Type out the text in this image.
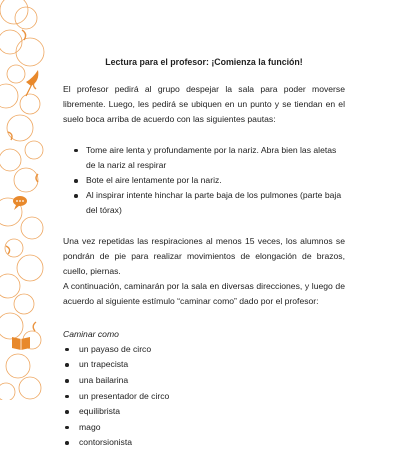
Lectura para el profesor: ¡Comienza la función!

El profesor pedirá al grupo despejar la sala para poder moverse libremente. Luego, les pedirá se ubiquen en un punto y se tiendan en el suelo boca arriba de acuerdo con las siguientes pautas:

Tome aire lenta y profundamente por la nariz. Abra bien las aletas de la nariz al respirar
Bote el aire lentamente por la nariz.
Al inspirar intente hinchar la parte baja de los pulmones (parte baja del tórax)

Una vez repetidas las respiraciones al menos 15 veces, los alumnos se pondrán de pie para realizar movimientos de elongación de brazos, cuello, piernas.

A continuación, caminarán por la sala en diversas direcciones, y luego de acuerdo al siguiente estímulo “caminar como” dado por el profesor:

Caminar como
un payaso de circo
un trapecista
una bailarina
un presentador de circo
equilibrista
mago
contorsionista
